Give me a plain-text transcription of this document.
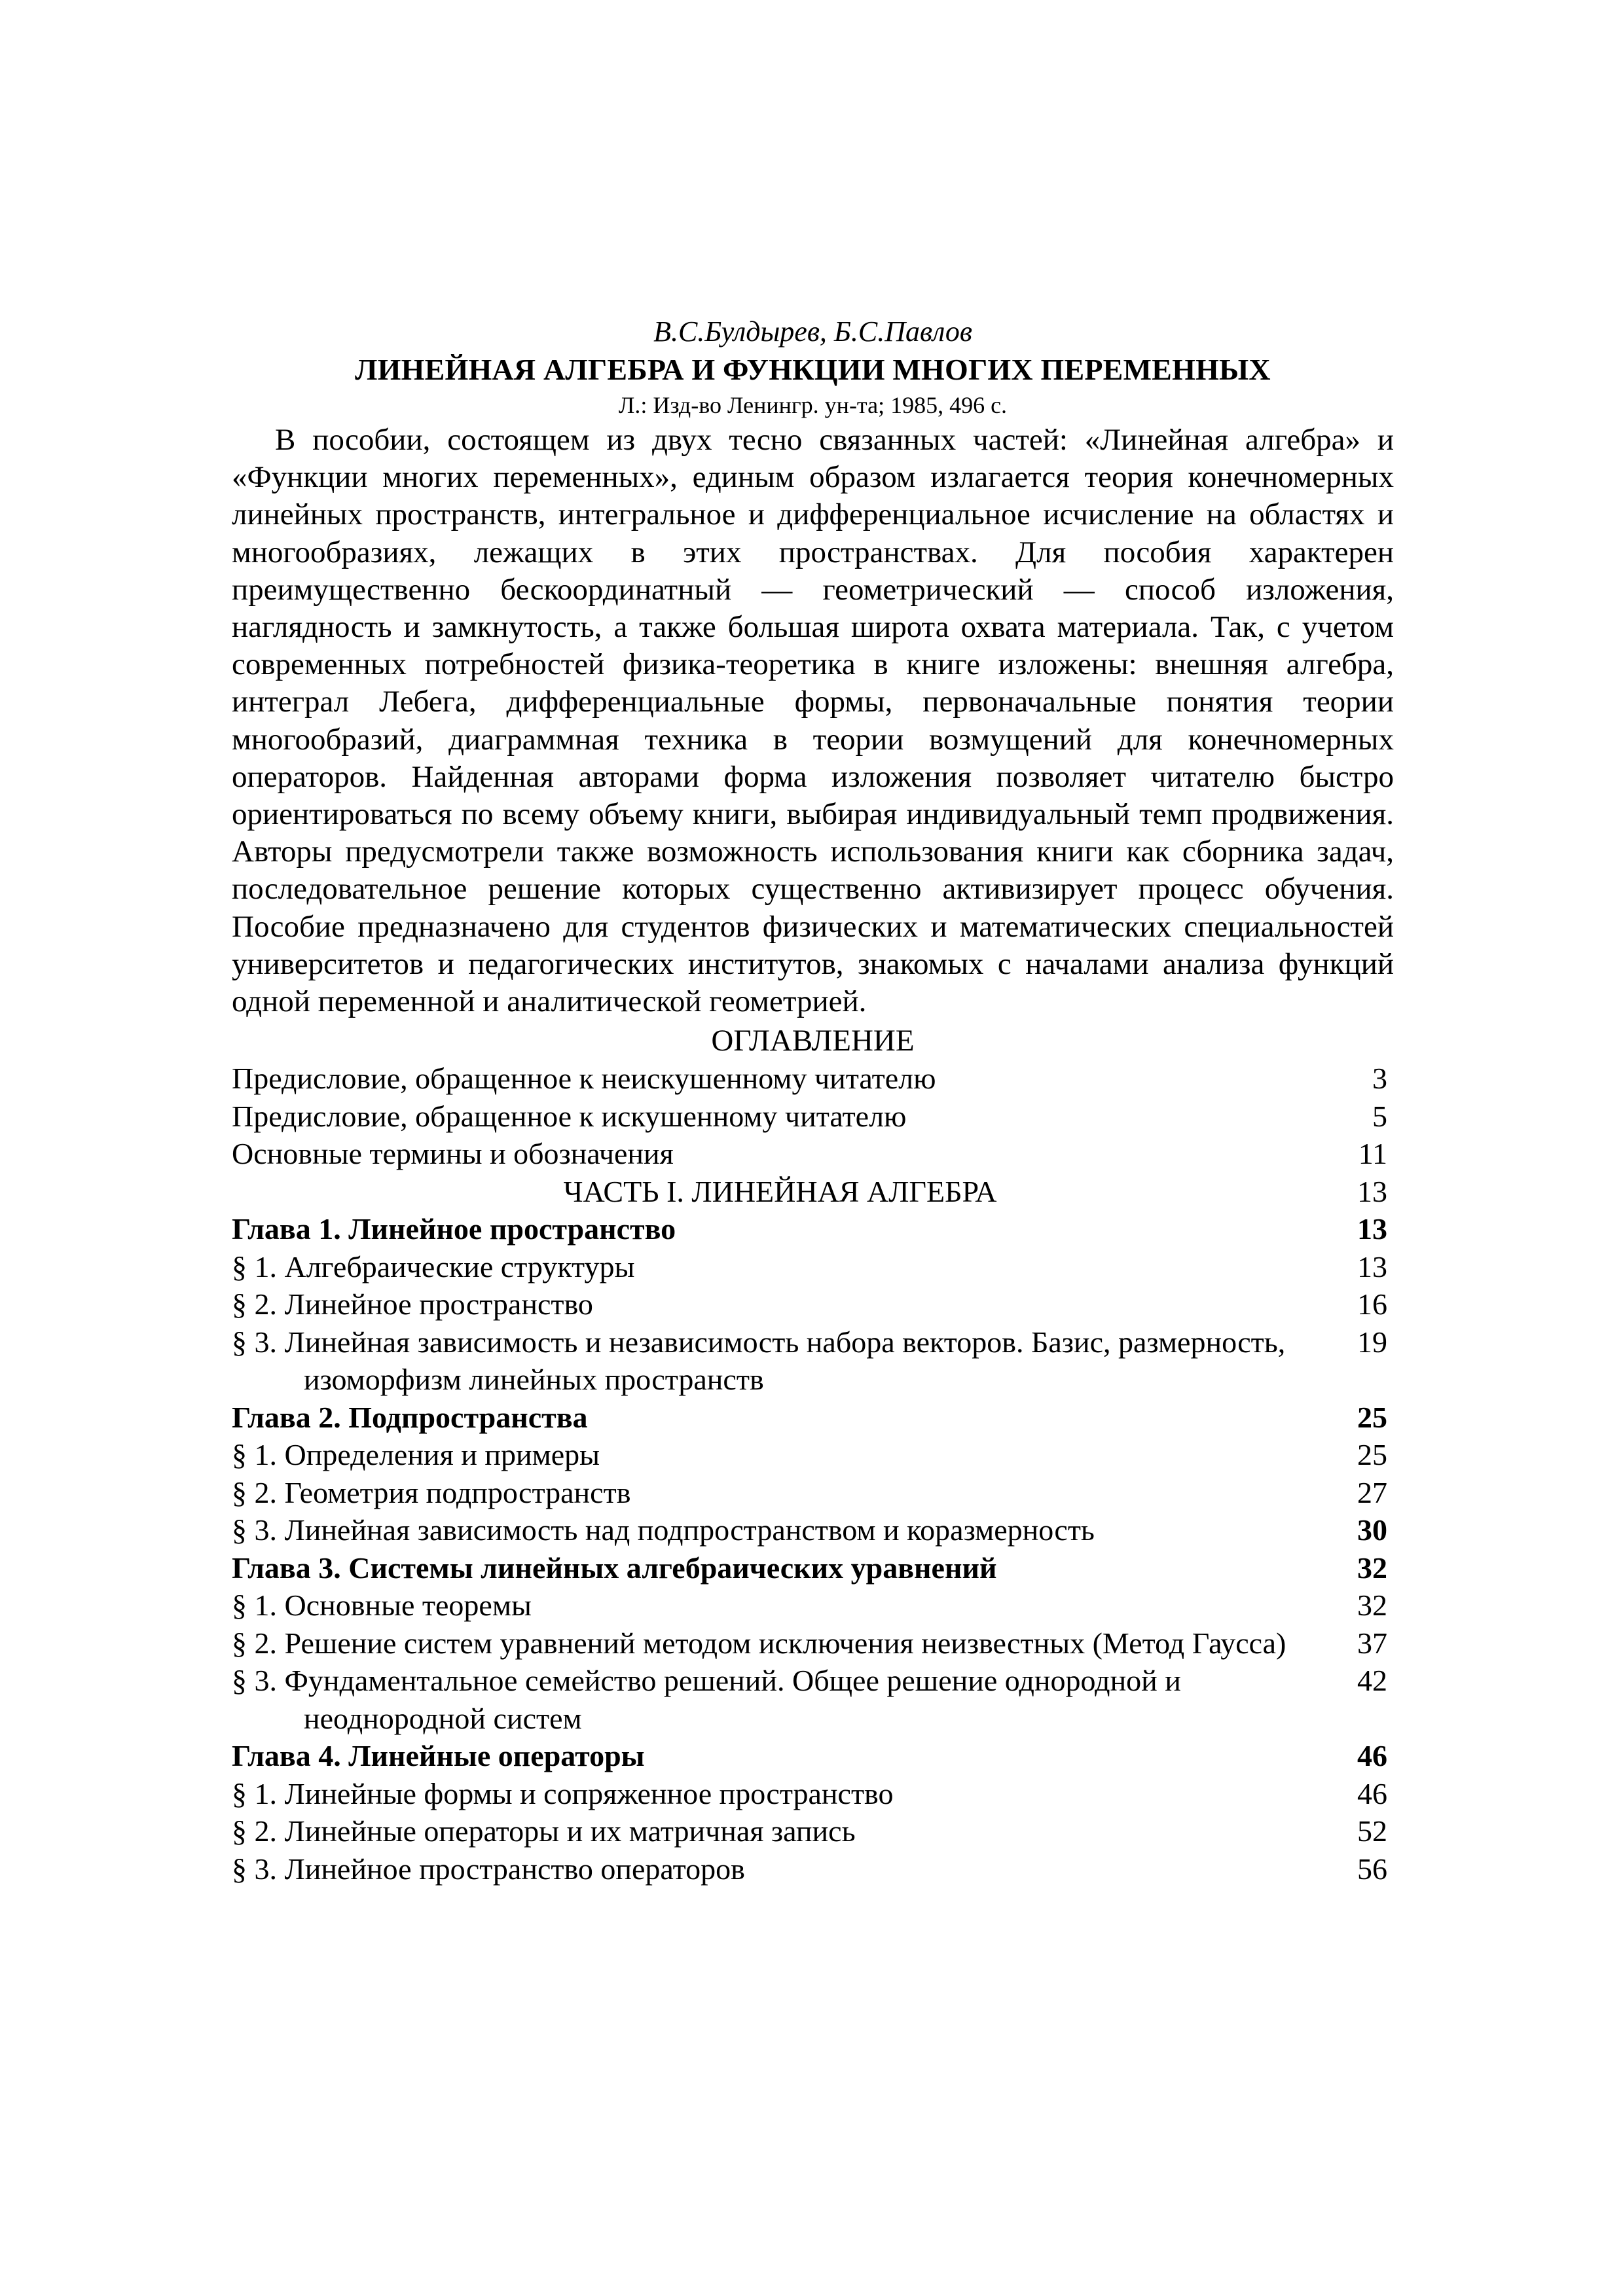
В.С.Булдырев, Б.С.Павлов
ЛИНЕЙНАЯ АЛГЕБРА И ФУНКЦИИ МНОГИХ ПЕРЕМЕННЫХ
Л.: Изд-во Ленингр. ун-та; 1985, 496 с.

В пособии, состоящем из двух тесно связанных частей: «Линейная алгебра» и «Функции многих переменных», единым образом излагается теория конечномерных линейных пространств, интегральное и дифференциальное исчисление на областях и многообразиях, лежащих в этих пространствах. Для пособия характерен преимущественно бескоординатный — геометрический — способ изложения, наглядность и замкнутость, а также большая широта охвата материала. Так, с учетом современных потребностей физика-теоретика в книге изложены: внешняя алгебра, интеграл Лебега, дифференциальные формы, первоначальные понятия теории многообразий, диаграммная техника в теории возмущений для конечномерных операторов. Найденная авторами форма изложения позволяет читателю быстро ориентироваться по всему объему книги, выбирая индивидуальный темп продвижения. Авторы предусмотрели также возможность использования книги как сборника задач, последовательное решение которых существенно активизирует процесс обучения. Пособие предназначено для студентов физических и математических специальностей университетов и педагогических институтов, знакомых с началами анализа функций одной переменной и аналитической геометрией.

ОГЛАВЛЕНИЕ
Предисловие, обращенное к неискушенному читателю	3
Предисловие, обращенное к искушенному читателю	5
Основные термины и обозначения	11
ЧАСТЬ I. ЛИНЕЙНАЯ АЛГЕБРА	13
Глава 1. Линейное пространство	13

§ 1. Алгебраические структуры	13

§ 2. Линейное пространство	16

§ 3. Линейная зависимость и независимость набора векторов. Базис, размерность, изоморфизм линейных пространств	19
Глава 2. Подпространства	25

§ 1. Определения и примеры	25

§ 2. Геометрия подпространств	27

§ 3. Линейная зависимость над подпространством и коразмерность	30
Глава 3. Системы линейных алгебраических уравнений	32

§ 1. Основные теоремы	32

§ 2. Решение систем уравнений методом исключения неизвестных (Метод Гаусса)	37

§ 3. Фундаментальное семейство решений. Общее решение однородной и неоднородной систем	42
Глава 4. Линейные операторы	46

§ 1. Линейные формы и сопряженное пространство	46

§ 2. Линейные операторы и их матричная запись	52

§ 3. Линейное пространство операторов	56
